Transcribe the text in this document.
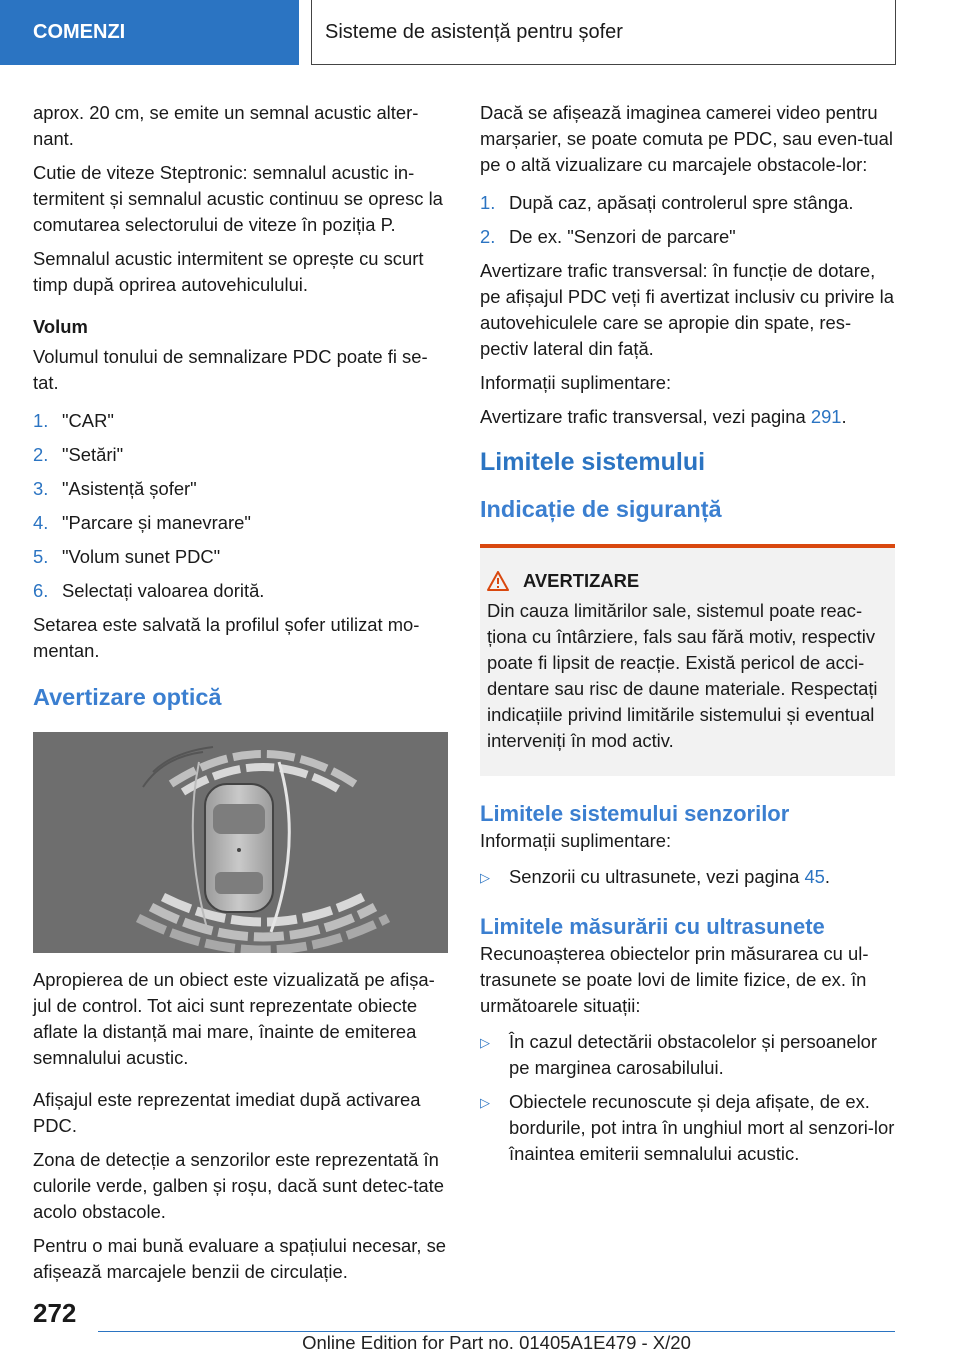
COMENZI	Sisteme de asistență pentru șofer

aprox. 20 cm, se emite un semnal acustic alter-nant.

Cutie de viteze Steptronic: semnalul acustic in-termitent și semnalul acustic continuu se opresc la comutarea selectorului de viteze în poziția P.

Semnalul acustic intermitent se oprește cu scurt timp după oprirea autovehiculului.

Volum

Volumul tonului de semnalizare PDC poate fi se-tat.

1. "CAR"
2. "Setări"
3. "Asistență șofer"
4. "Parcare și manevrare"
5. "Volum sunet PDC"
6. Selectați valoarea dorită.

Setarea este salvată la profilul șofer utilizat mo-mentan.

Avertizare optică

Apropierea de un obiect este vizualizată pe afișa-jul de control. Tot aici sunt reprezentate obiecte aflate la distanță mai mare, înainte de emiterea semnalului acustic.

Afișajul este reprezentat imediat după activarea PDC.

Zona de detecție a senzorilor este reprezentată în culorile verde, galben și roșu, dacă sunt detec-tate acolo obstacole.

Pentru o mai bună evaluare a spațiului necesar, se afișează marcajele benzii de circulație.

Dacă se afișează imaginea camerei video pentru marșarier, se poate comuta pe PDC, sau even-tual pe o altă vizualizare cu marcajele obstacole-lor:

1. După caz, apăsați controlerul spre stânga.
2. De ex. "Senzori de parcare"

Avertizare trafic transversal: în funcție de dotare, pe afișajul PDC veți fi avertizat inclusiv cu privire la autovehiculele care se apropie din spate, res-pectiv lateral din față.

Informații suplimentare:

Avertizare trafic transversal, vezi pagina 291.

Limitele sistemului
Indicație de siguranță
AVERTIZARE
Din cauza limitărilor sale, sistemul poate reac-ționa cu întârziere, fals sau fără motiv, respectiv poate fi lipsit de reacție. Există pericol de acci-dentare sau risc de daune materiale. Respectați indicațiile privind limitările sistemului și eventual interveniți în mod activ.
Limitele sistemului senzorilor

Informații suplimentare:

▷	Senzorii cu ultrasunete, vezi pagina 45.
Limitele măsurării cu ultrasunete

Recunoașterea obiectelor prin măsurarea cu ul-trasunete se poate lovi de limite fizice, de ex. în următoarele situații:

▷	În cazul detectării obstacolelor și persoanelor pe marginea carosabilului.
▷	Obiectele recunoscute și deja afișate, de ex. bordurile, pot intra în unghiul mort al senzori-lor înaintea emiterii semnalului acustic.
272
Online Edition for Part no. 01405A1E479 - X/20
